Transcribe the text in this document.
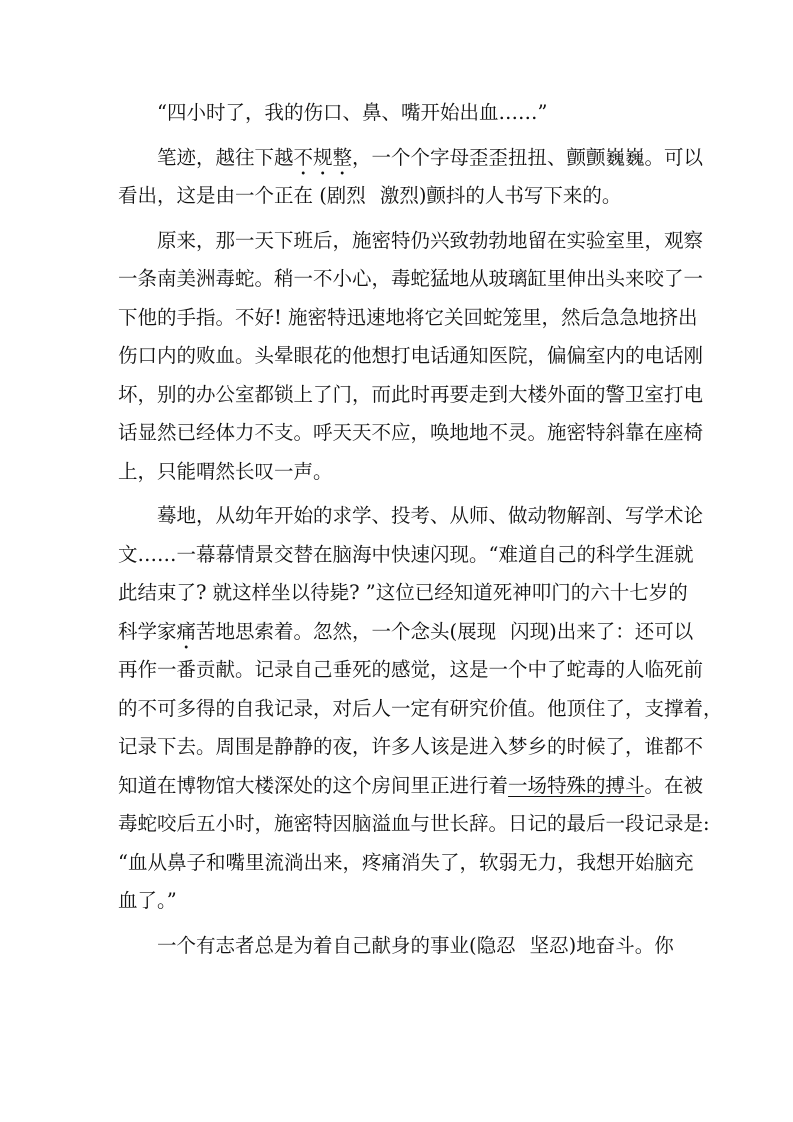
“四小时了，我的伤口、鼻、嘴开始出血……”
笔迹，越往下越不规整，一个个字母歪歪扭扭、颤颤巍巍。可以
看出，这是由一个正在 (剧烈 激烈)颤抖的人书写下来的。
原来，那一天下班后，施密特仍兴致勃勃地留在实验室里，观察
一条南美洲毒蛇。稍一不小心，毒蛇猛地从玻璃缸里伸出头来咬了一
下他的手指。不好! 施密特迅速地将它关回蛇笼里，然后急急地挤出
伤口内的败血。头晕眼花的他想打电话通知医院，偏偏室内的电话刚
坏，别的办公室都锁上了门，而此时再要走到大楼外面的警卫室打电
话显然已经体力不支。呼天天不应，唤地地不灵。施密特斜靠在座椅
上，只能喟然长叹一声。
蓦地，从幼年开始的求学、投考、从师、做动物解剖、写学术论
文……一幕幕情景交替在脑海中快速闪现。“难道自己的科学生涯就
此结束了? 就这样坐以待毙? ”这位已经知道死神叩门的六十七岁的
科学家痛苦地思索着。忽然，一个念头(展现 闪现)出来了：还可以
再作一番贡献。记录自己垂死的感觉，这是一个中了蛇毒的人临死前
的不可多得的自我记录，对后人一定有研究价值。他顶住了，支撑着，
记录下去。周围是静静的夜，许多人该是进入梦乡的时候了，谁都不
知道在博物馆大楼深处的这个房间里正进行着一场特殊的搏斗。在被
毒蛇咬后五小时，施密特因脑溢血与世长辞。日记的最后一段记录是:
“血从鼻子和嘴里流淌出来，疼痛消失了，软弱无力，我想开始脑充
血了。”
一个有志者总是为着自己献身的事业(隐忍 坚忍)地奋斗。你
